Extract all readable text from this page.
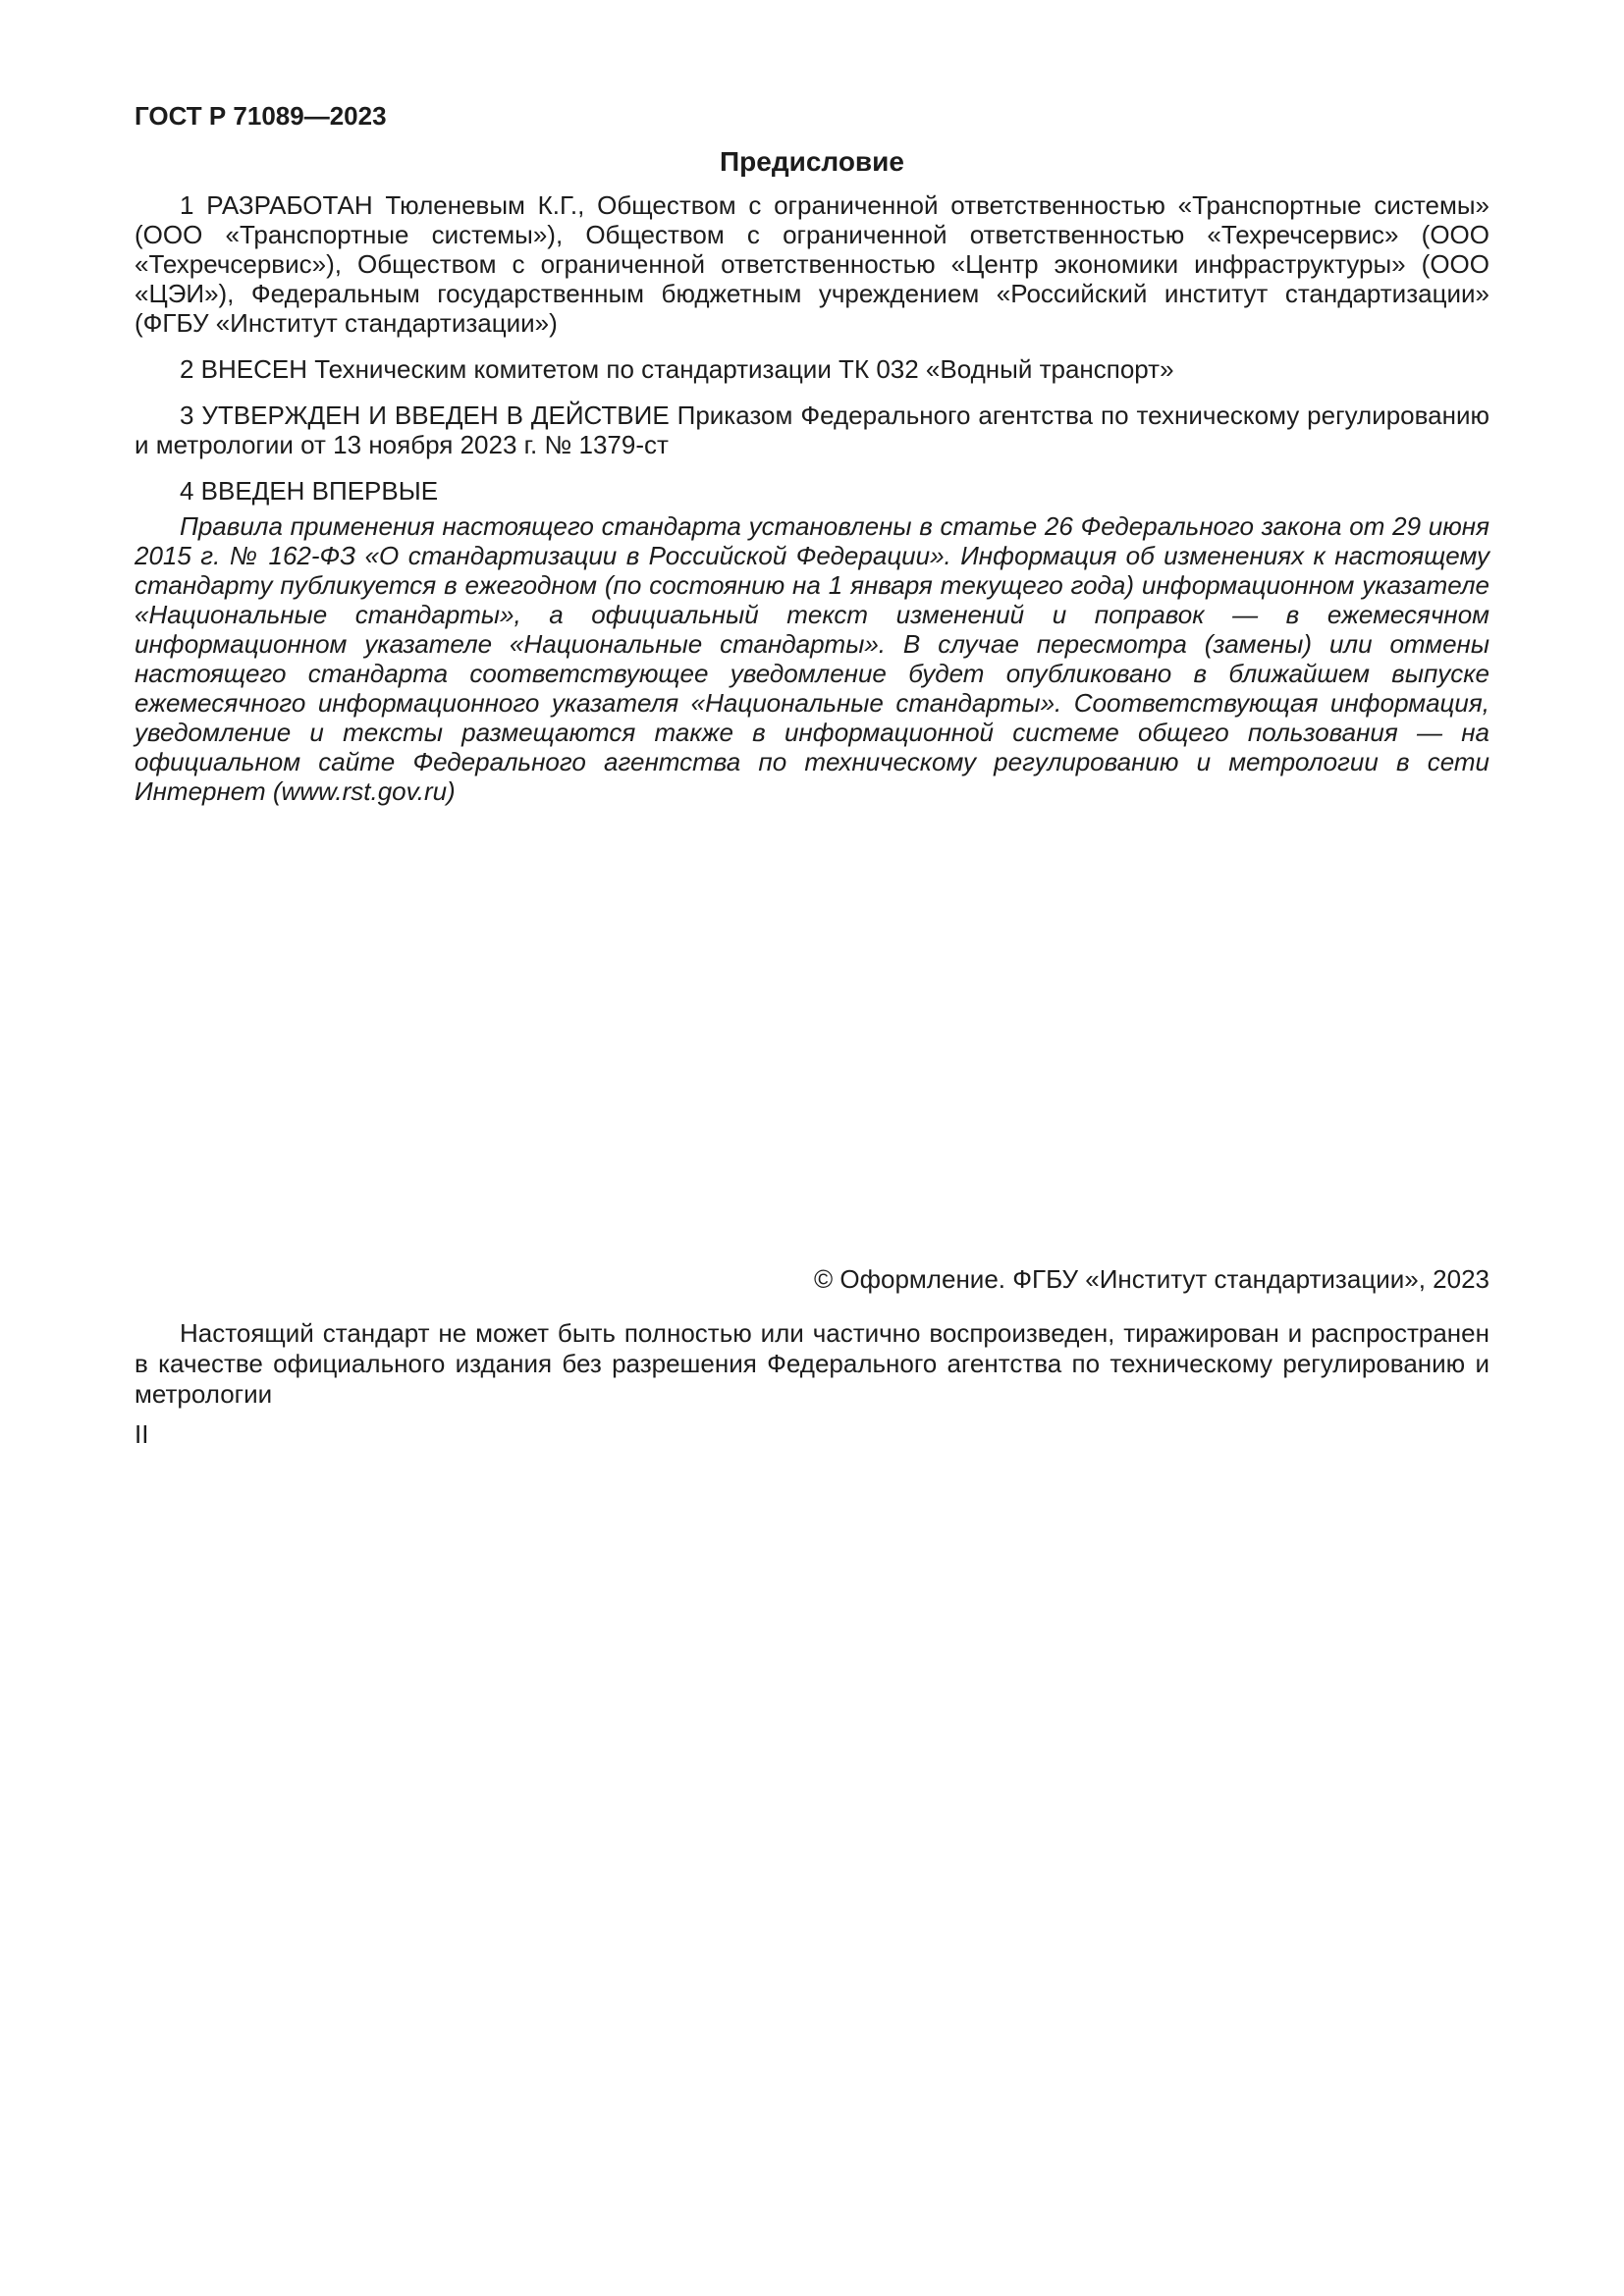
ГОСТ Р 71089—2023
Предисловие

1 РАЗРАБОТАН Тюленевым К.Г., Обществом с ограниченной ответственностью «Транспортные системы» (ООО «Транспортные системы»), Обществом с ограниченной ответственностью «Техречсервис» (ООО «Техречсервис»), Обществом с ограниченной ответственностью «Центр экономики инфраструктуры» (ООО «ЦЭИ»), Федеральным государственным бюджетным учреждением «Российский институт стандартизации» (ФГБУ «Институт стандартизации»)

2 ВНЕСЕН Техническим комитетом по стандартизации ТК 032 «Водный транспорт»

3 УТВЕРЖДЕН И ВВЕДЕН В ДЕЙСТВИЕ Приказом Федерального агентства по техническому регулированию и метрологии от 13 ноября 2023 г. № 1379-ст

4 ВВЕДЕН ВПЕРВЫЕ

Правила применения настоящего стандарта установлены в статье 26 Федерального закона от 29 июня 2015 г. № 162-ФЗ «О стандартизации в Российской Федерации». Информация об изменениях к настоящему стандарту публикуется в ежегодном (по состоянию на 1 января текущего года) информационном указателе «Национальные стандарты», а официальный текст изменений и поправок — в ежемесячном информационном указателе «Национальные стандарты». В случае пересмотра (замены) или отмены настоящего стандарта соответствующее уведомление будет опубликовано в ближайшем выпуске ежемесячного информационного указателя «Национальные стандарты». Соответствующая информация, уведомление и тексты размещаются также в информационной системе общего пользования — на официальном сайте Федерального агентства по техническому регулированию и метрологии в сети Интернет (www.rst.gov.ru)

© Оформление. ФГБУ «Институт стандартизации», 2023

Настоящий стандарт не может быть полностью или частично воспроизведен, тиражирован и распространен в качестве официального издания без разрешения Федерального агентства по техническому регулированию и метрологии

II
